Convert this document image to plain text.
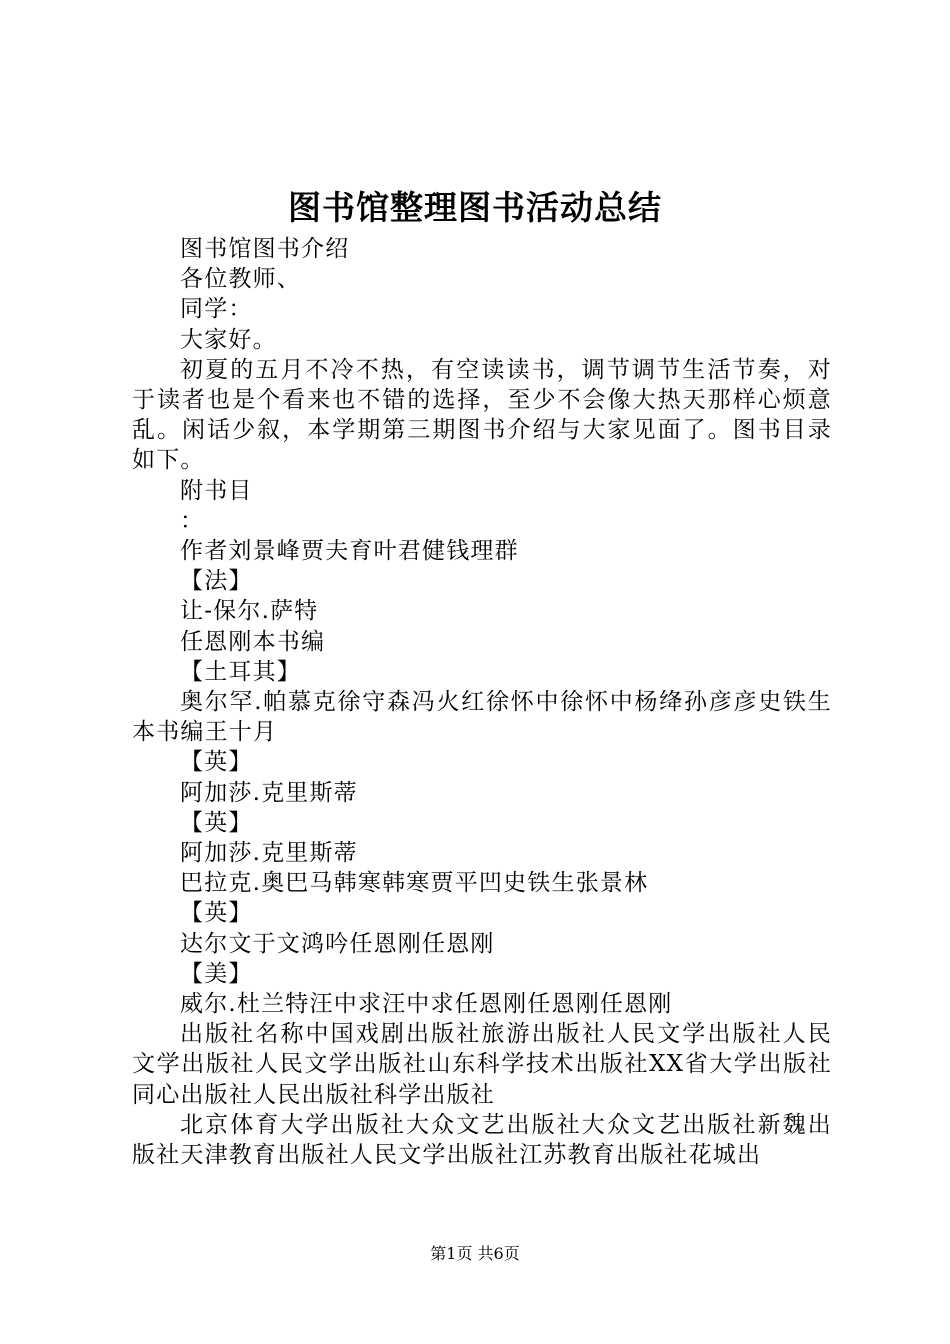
图书馆整理图书活动总结

图书馆图书介绍

各位教师、

同学：

大家好。

初夏的五月不冷不热，有空读读书，调节调节生活节奏，对于读者也是个看来也不错的选择，至少不会像大热天那样心烦意乱。闲话少叙，本学期第三期图书介绍与大家见面了。图书目录如下。

附书目

：

作者刘景峰贾夫育叶君健钱理群

【法】

让-保尔.萨特

任恩刚本书编

【土耳其】

奥尔罕.帕慕克徐守森冯火红徐怀中徐怀中杨绛孙彦彦史铁生本书编王十月

【英】

阿加莎.克里斯蒂

【英】

阿加莎.克里斯蒂

巴拉克.奥巴马韩寒韩寒贾平凹史铁生张景林

【英】

达尔文于文鸿吟任恩刚任恩刚

【美】

威尔.杜兰特汪中求汪中求任恩刚任恩刚任恩刚

出版社名称中国戏剧出版社旅游出版社人民文学出版社人民文学出版社人民文学出版社山东科学技术出版社XX省大学出版社同心出版社人民出版社科学出版社

北京体育大学出版社大众文艺出版社大众文艺出版社新魏出版社天津教育出版社人民文学出版社江苏教育出版社花城出

第1页 共6页
